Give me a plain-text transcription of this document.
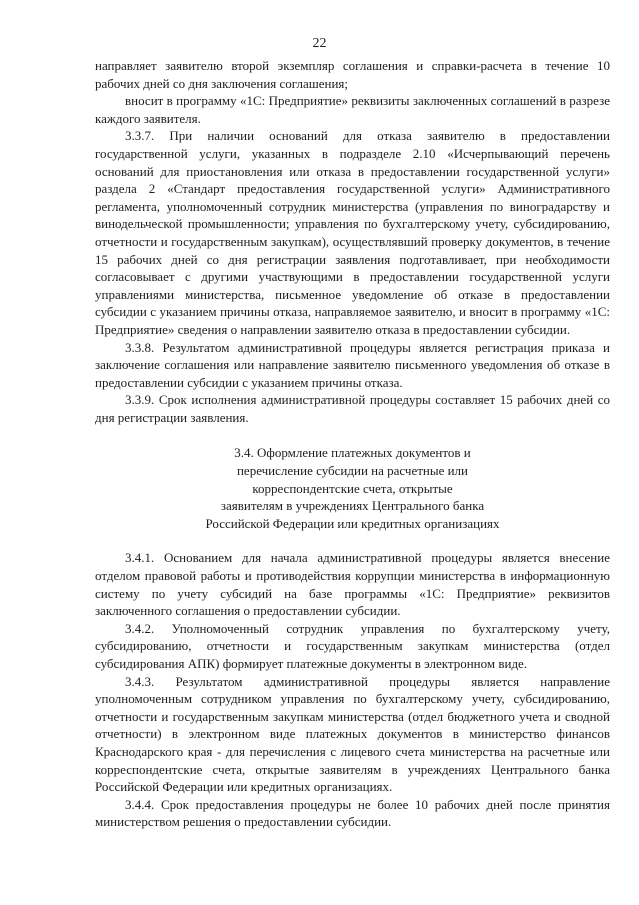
22

направляет заявителю второй экземпляр соглашения и справки-расчета в течение 10 рабочих дней со дня заключения соглашения;

вносит в программу «1С: Предприятие» реквизиты заключенных соглашений в разрезе каждого заявителя.

3.3.7. При наличии оснований для отказа заявителю в предоставлении государственной услуги, указанных в подразделе 2.10 «Исчерпывающий перечень оснований для приостановления или отказа в предоставлении государственной услуги» раздела 2 «Стандарт предоставления государственной услуги» Административного регламента, уполномоченный сотрудник министерства (управления по виноградарству и винодельческой промышленности; управления по бухгалтерскому учету, субсидированию, отчетности и государственным закупкам), осуществлявший проверку документов, в течение 15 рабочих дней со дня регистрации заявления подготавливает, при необходимости согласовывает с другими участвующими в предоставлении государственной услуги управлениями министерства, письменное уведомление об отказе в предоставлении субсидии с указанием причины отказа, направляемое заявителю, и вносит в программу «1С: Предприятие» сведения о направлении заявителю отказа в предоставлении субсидии.

3.3.8. Результатом административной процедуры является регистрация приказа и заключение соглашения или направление заявителю письменного уведомления об отказе в предоставлении субсидии с указанием причины отказа.

3.3.9. Срок исполнения административной процедуры составляет 15 рабочих дней со дня регистрации заявления.

3.4. Оформление платежных документов и
перечисление субсидии на расчетные или
корреспондентские счета, открытые
заявителям в учреждениях Центрального банка
Российской Федерации или кредитных организациях

3.4.1. Основанием для начала административной процедуры является внесение отделом правовой работы и противодействия коррупции министерства в информационную систему по учету субсидий на базе программы «1С: Предприятие» реквизитов заключенного соглашения о предоставлении субсидии.

3.4.2. Уполномоченный сотрудник управления по бухгалтерскому учету, субсидированию, отчетности и государственным закупкам министерства (отдел субсидирования АПК) формирует платежные документы в электронном виде.

3.4.3. Результатом административной процедуры является направление уполномоченным сотрудником управления по бухгалтерскому учету, субсидированию, отчетности и государственным закупкам министерства (отдел бюджетного учета и сводной отчетности) в электронном виде платежных документов в министерство финансов Краснодарского края - для перечисления с лицевого счета министерства на расчетные или корреспондентские счета, открытые заявителям в учреждениях Центрального банка Российской Федерации или кредитных организациях.

3.4.4. Срок предоставления процедуры не более 10 рабочих дней после принятия министерством решения о предоставлении субсидии.
